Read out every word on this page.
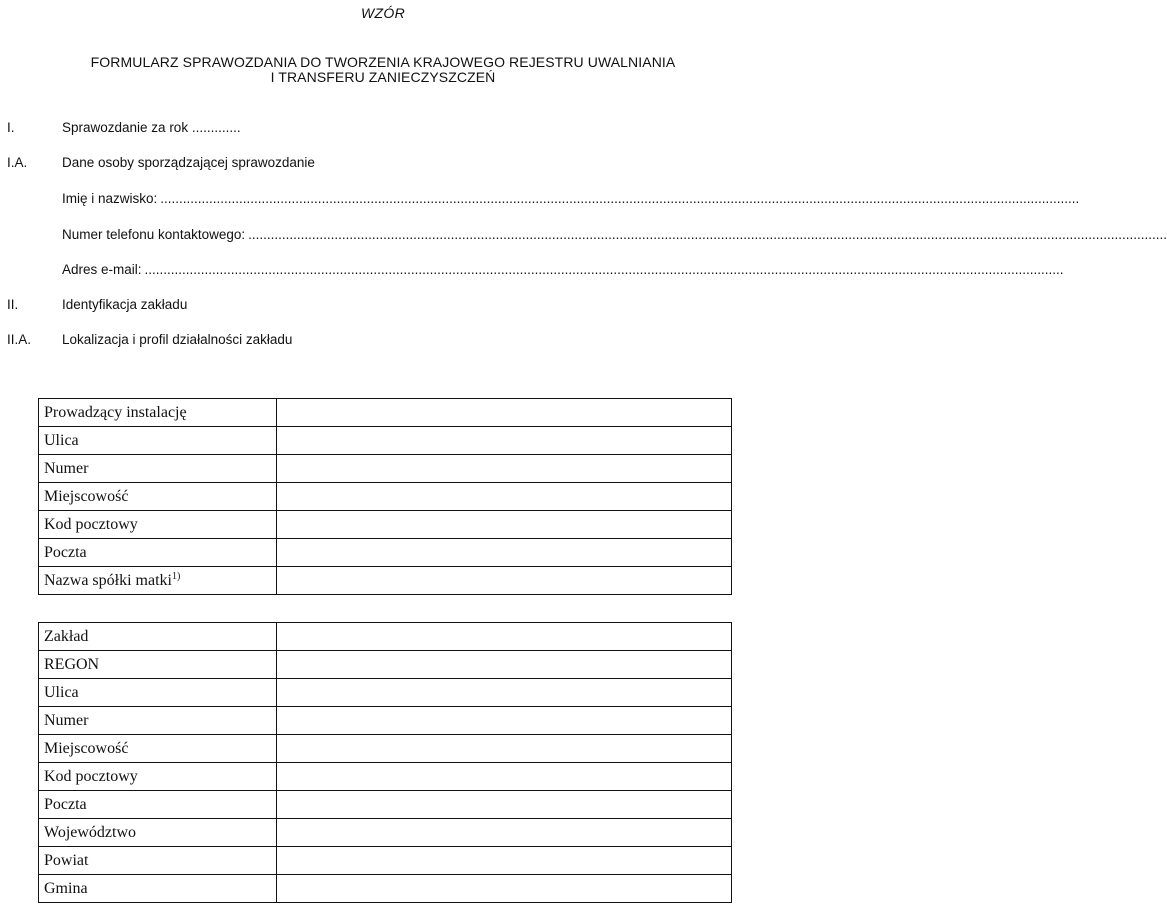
WZÓR
FORMULARZ SPRAWOZDANIA DO TWORZENIA KRAJOWEGO REJESTRU UWALNIANIA
I TRANSFERU ZANIECZYSZCZEŃ
I.	Sprawozdanie za rok .............
I.A.	Dane osoby sporządzającej sprawozdanie
Imię i nazwisko: .....................................................................................................................................................................................................................................................
Numer telefonu kontaktowego: .....................................................................................................................................................................................................................................................
Adres e-mail: .....................................................................................................................................................................................................................................................
II.	Identyfikacja zakładu
II.A. Lokalizacja i profil działalności zakładu
Prowadzący instalację	
Ulica	
Numer	
Miejscowość	
Kod pocztowy	
Poczta	
Nazwa spółki matki$^{1)}$	
Zakład	
REGON	
Ulica	
Numer	
Miejscowość	
Kod pocztowy	
Poczta	
Województwo	
Powiat	
Gmina	
